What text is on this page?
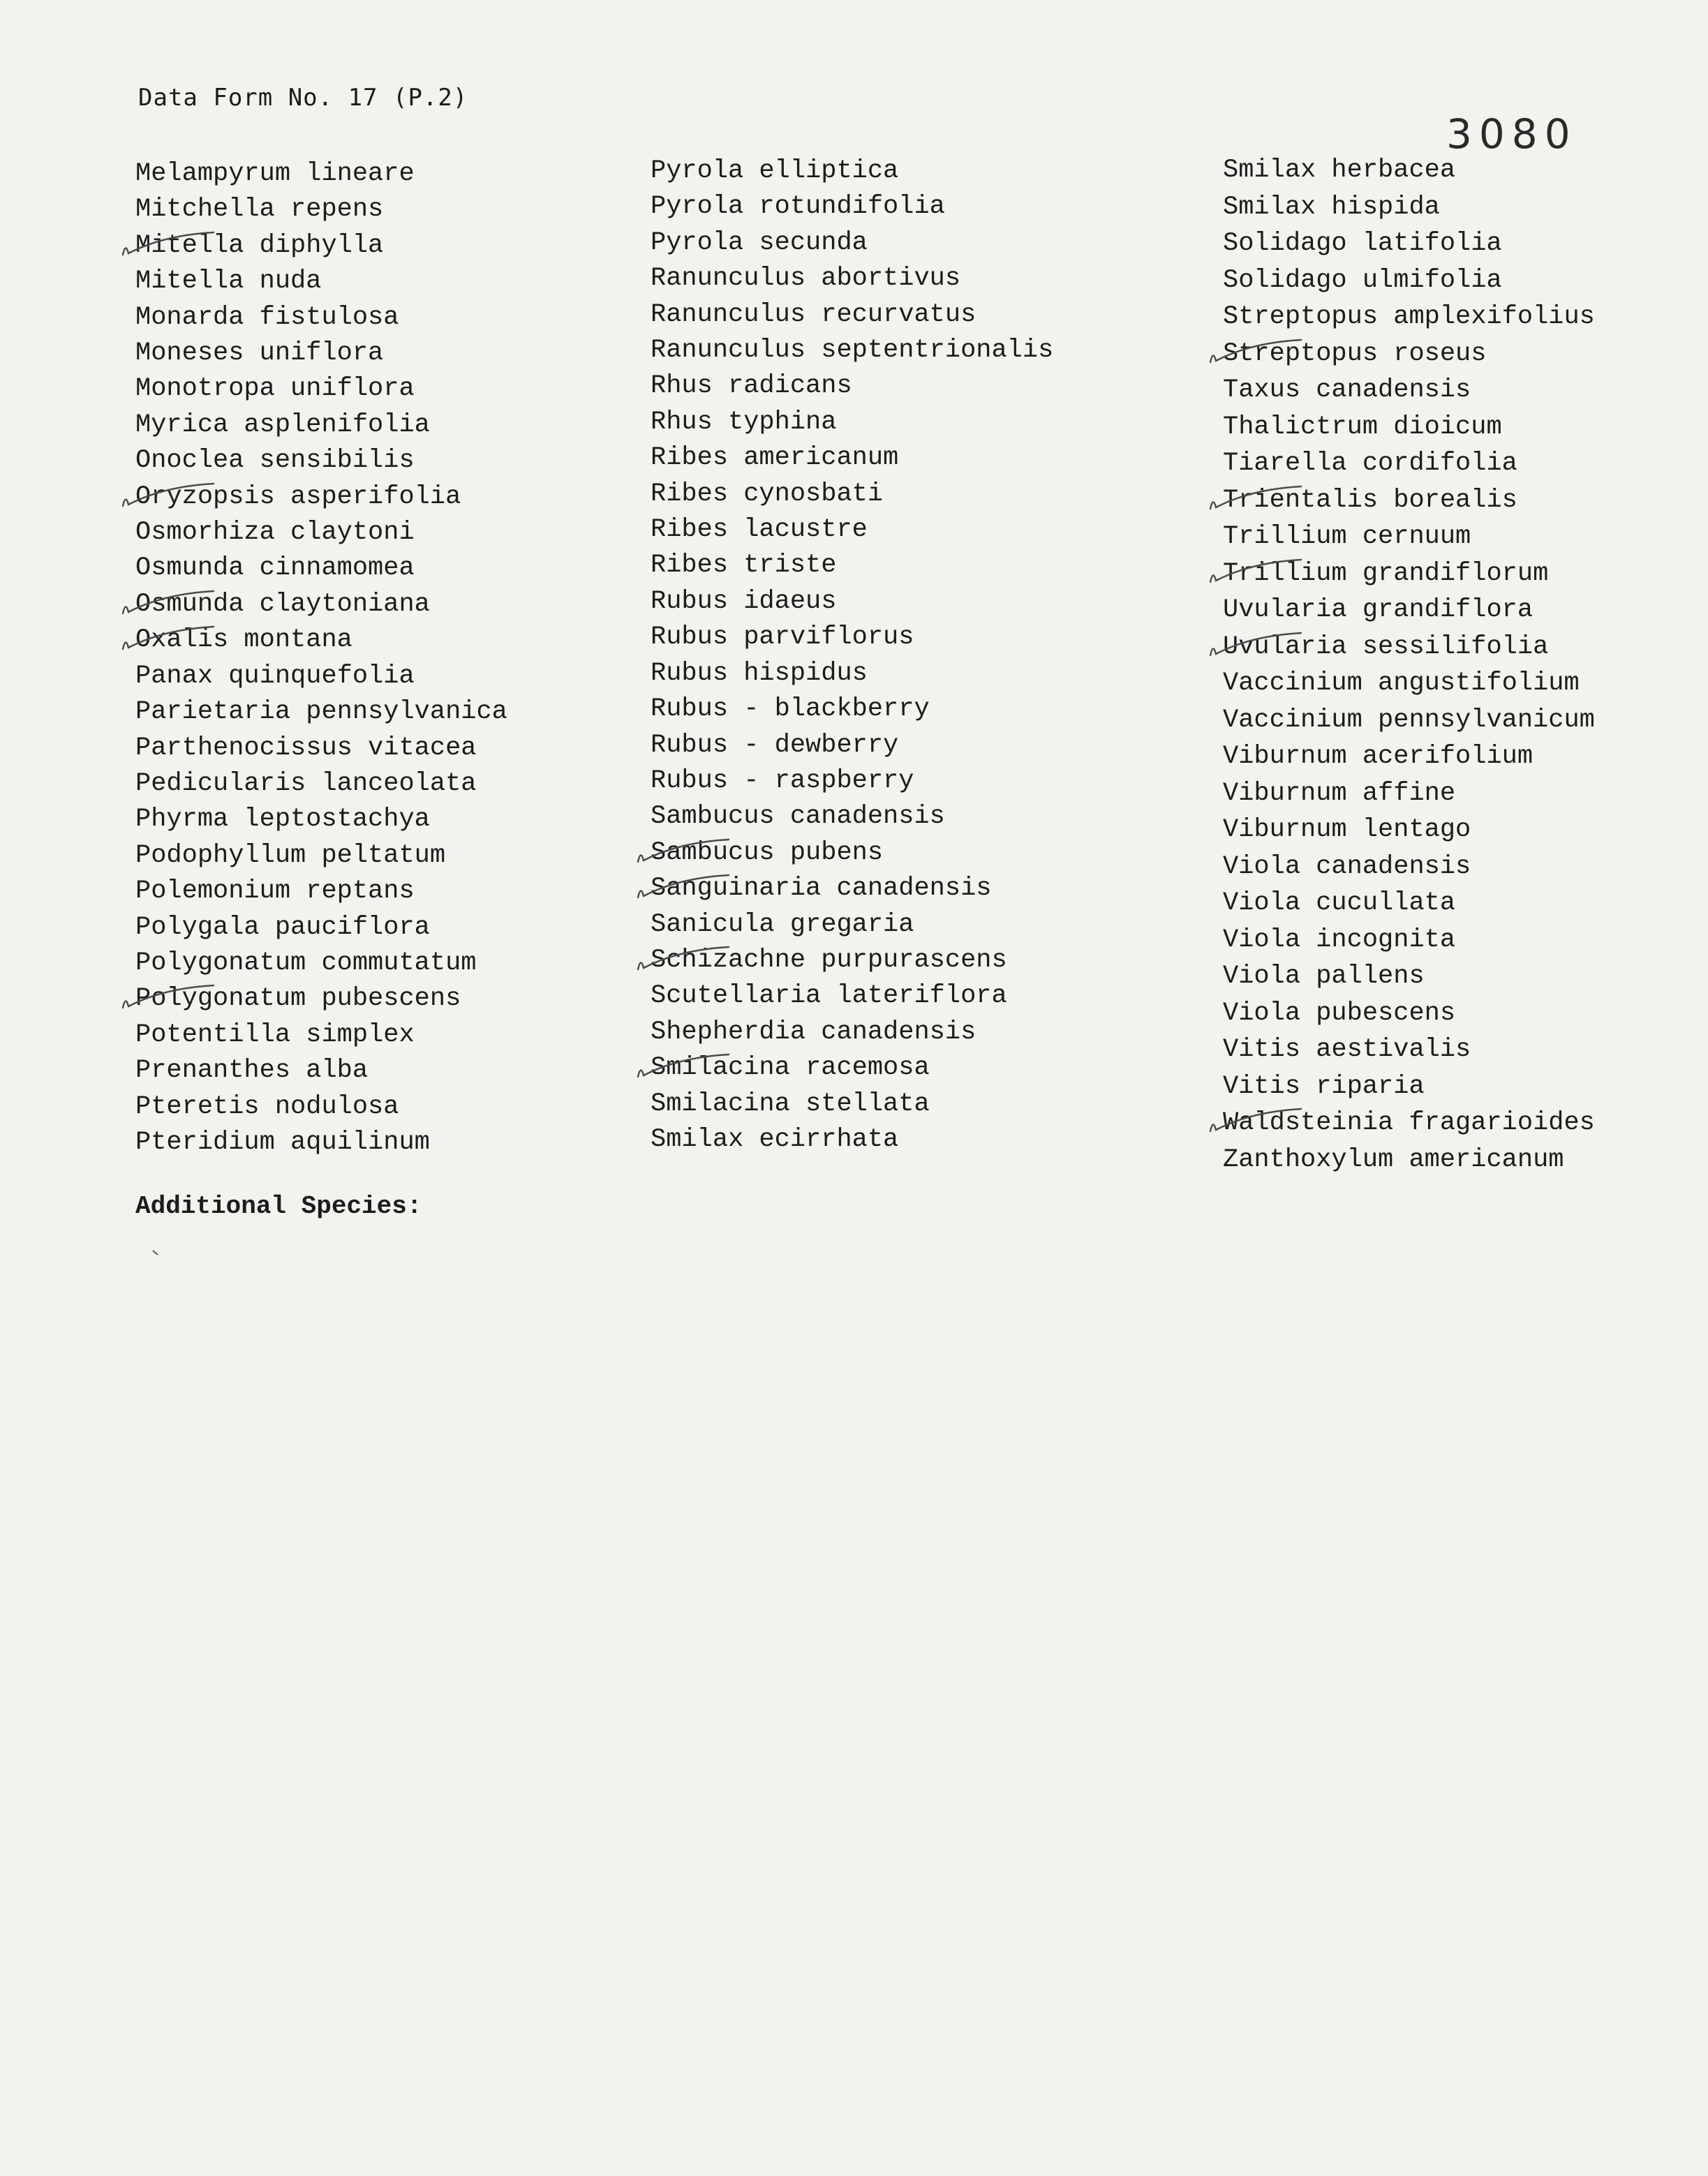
Data Form No. 17 (P.2)
3080
Melampyrum lineare
Mitchella repens
Mitella diphylla
Mitella nuda
Monarda fistulosa
Moneses uniflora
Monotropa uniflora
Myrica asplenifolia
Onoclea sensibilis
Oryzopsis asperifolia
Osmorhiza claytoni
Osmunda cinnamomea
Osmunda claytoniana
Oxalis montana
Panax quinquefolia
Parietaria pennsylvanica
Parthenocissus vitacea
Pedicularis lanceolata
Phyrma leptostachya
Podophyllum peltatum
Polemonium reptans
Polygala pauciflora
Polygonatum commutatum
Polygonatum pubescens
Potentilla simplex
Prenanthes alba
Pteretis nodulosa
Pteridium aquilinum
Pyrola elliptica
Pyrola rotundifolia
Pyrola secunda
Ranunculus abortivus
Ranunculus recurvatus
Ranunculus septentrionalis
Rhus radicans
Rhus typhina
Ribes americanum
Ribes cynosbati
Ribes lacustre
Ribes triste
Rubus idaeus
Rubus parviflorus
Rubus hispidus
Rubus - blackberry
Rubus - dewberry
Rubus - raspberry
Sambucus canadensis
Sambucus pubens
Sanguinaria canadensis
Sanicula gregaria
Schizachne purpurascens
Scutellaria lateriflora
Shepherdia canadensis
Smilacina racemosa
Smilacina stellata
Smilax ecirrhata
Smilax herbacea
Smilax hispida
Solidago latifolia
Solidago ulmifolia
Streptopus amplexifolius
Streptopus roseus
Taxus canadensis
Thalictrum dioicum
Tiarella cordifolia
Trientalis borealis
Trillium cernuum
Trillium grandiflorum
Uvularia grandiflora
Uvularia sessilifolia
Vaccinium angustifolium
Vaccinium pennsylvanicum
Viburnum acerifolium
Viburnum affine
Viburnum lentago
Viola canadensis
Viola cucullata
Viola incognita
Viola pallens
Viola pubescens
Vitis aestivalis
Vitis riparia
Waldsteinia fragarioides
Zanthoxylum americanum
Additional Species:
